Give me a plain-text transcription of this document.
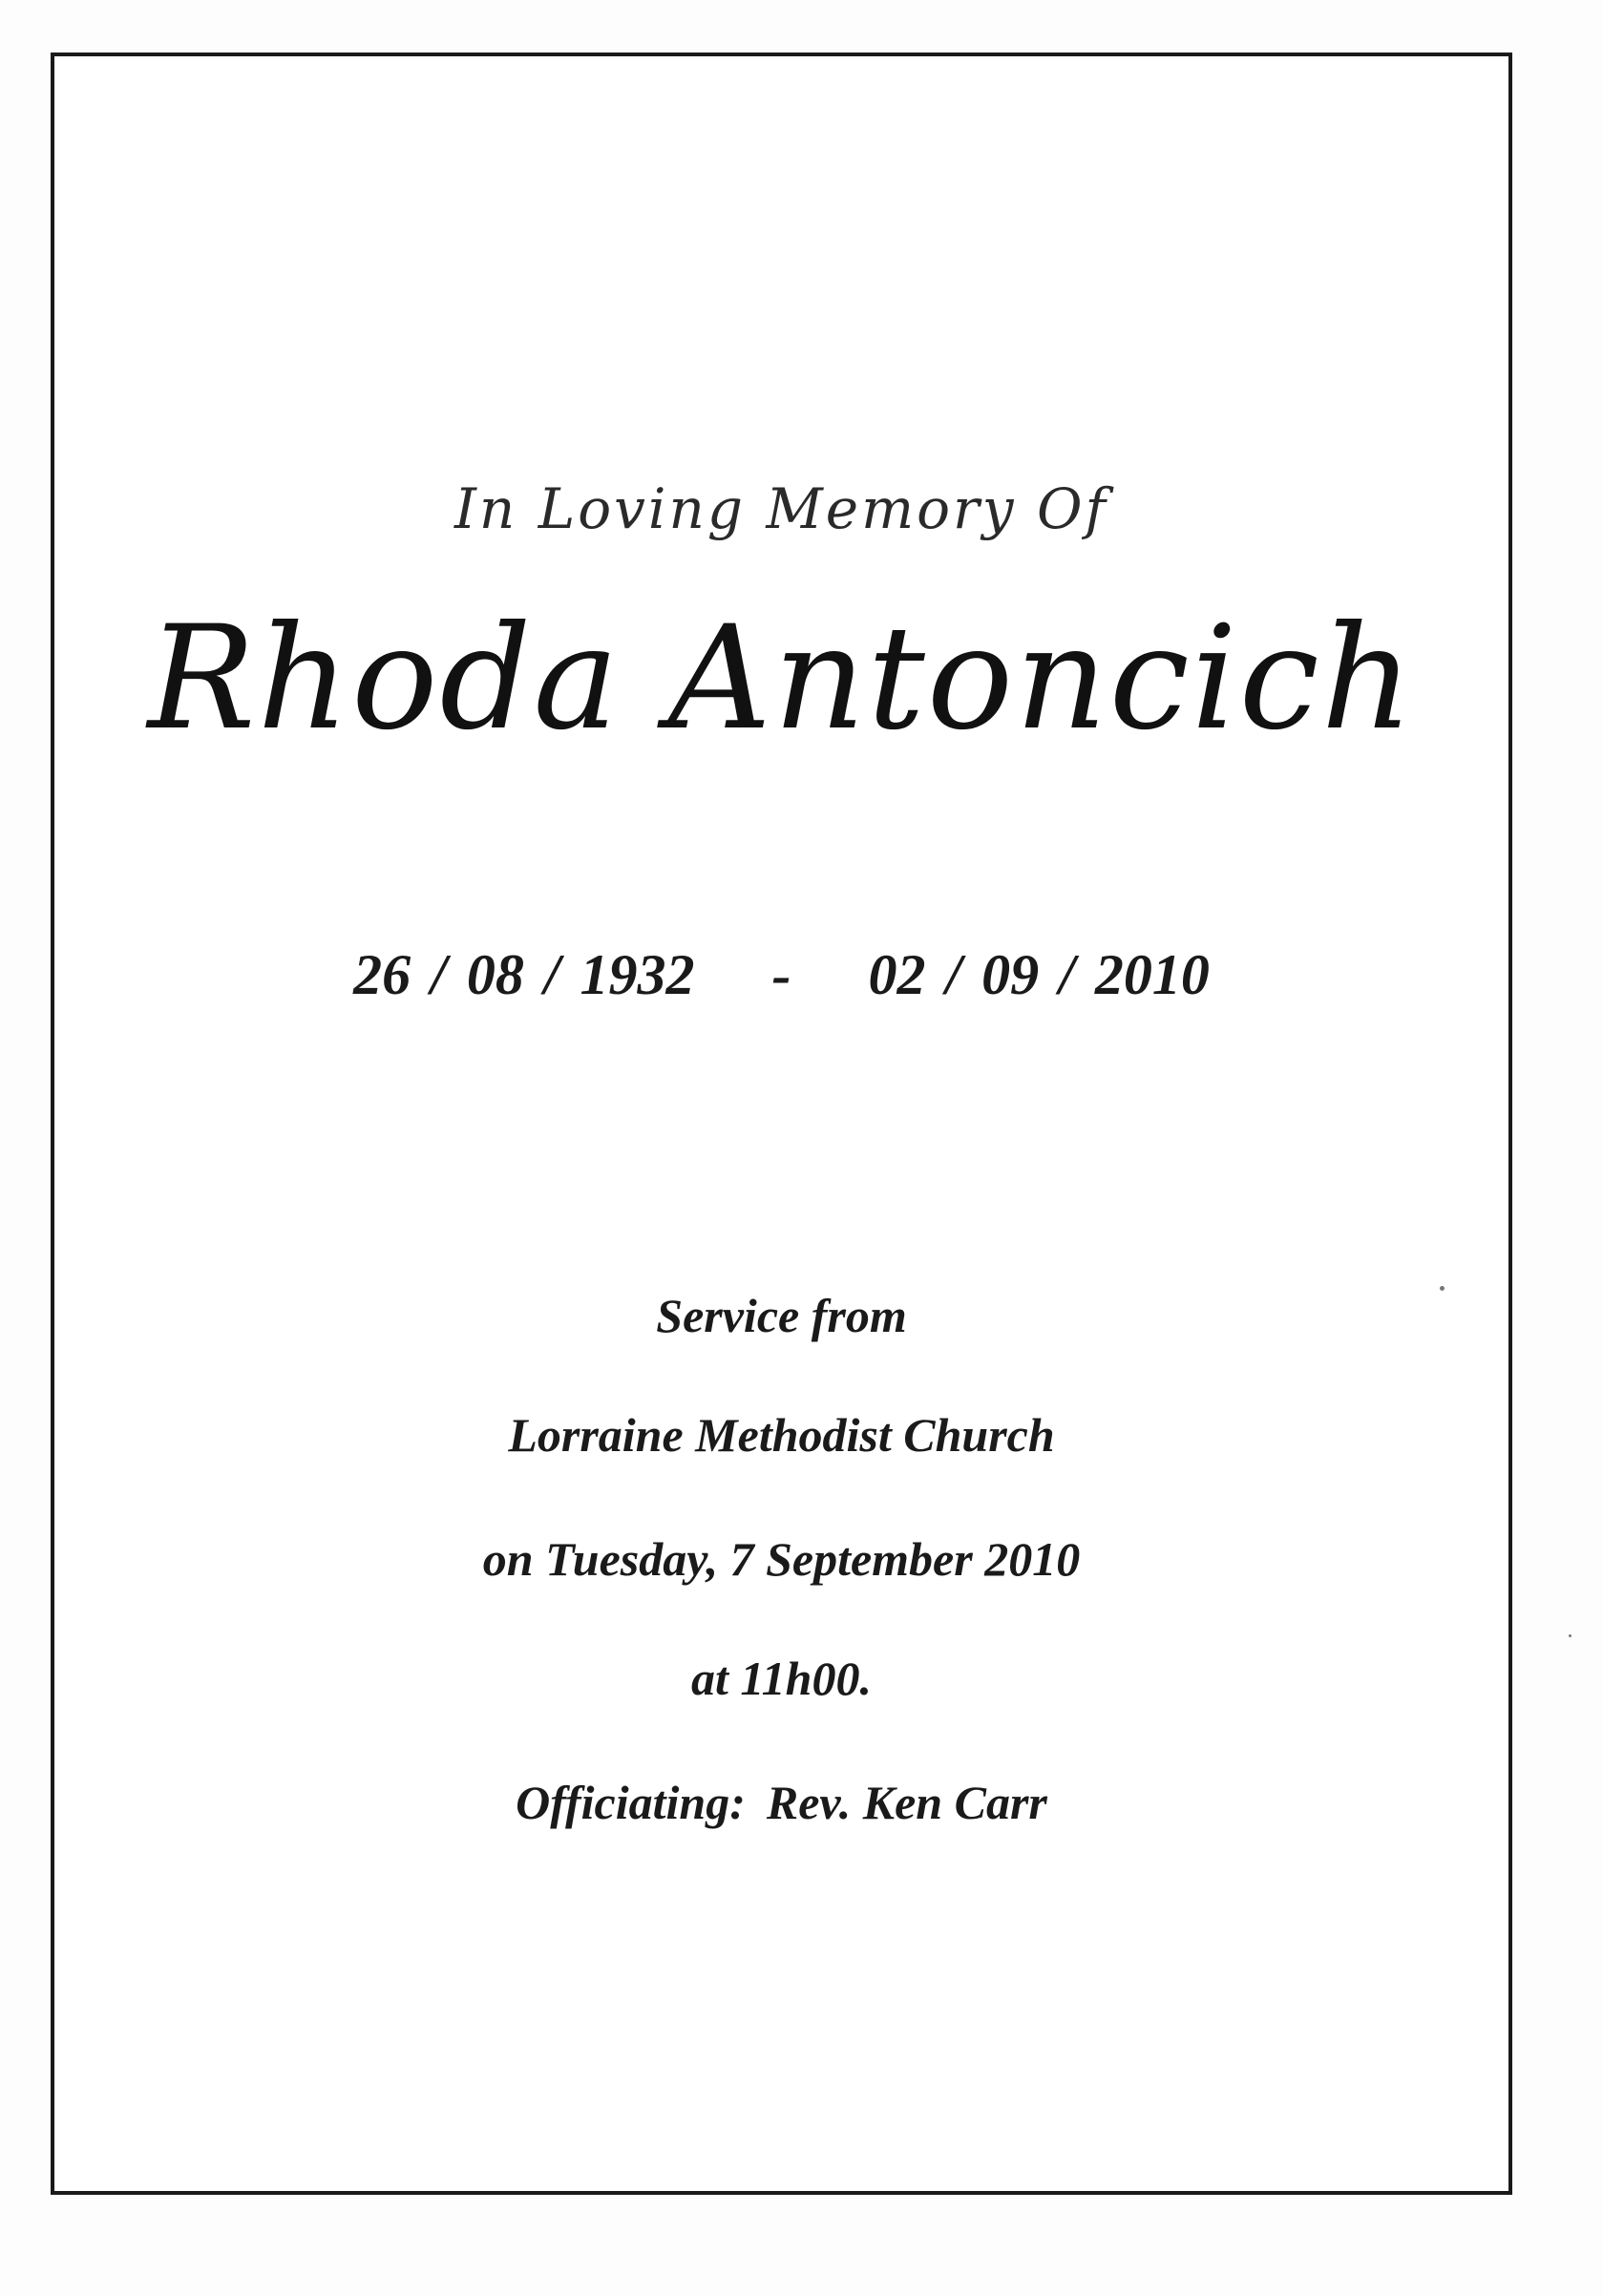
In Loving Memory Of
Rhoda Antoncich
26 / 08 / 1932 - 02 / 09 / 2010
Service from
Lorraine Methodist Church
on Tuesday, 7 September 2010
at 11h00.
Officiating: Rev. Ken Carr
